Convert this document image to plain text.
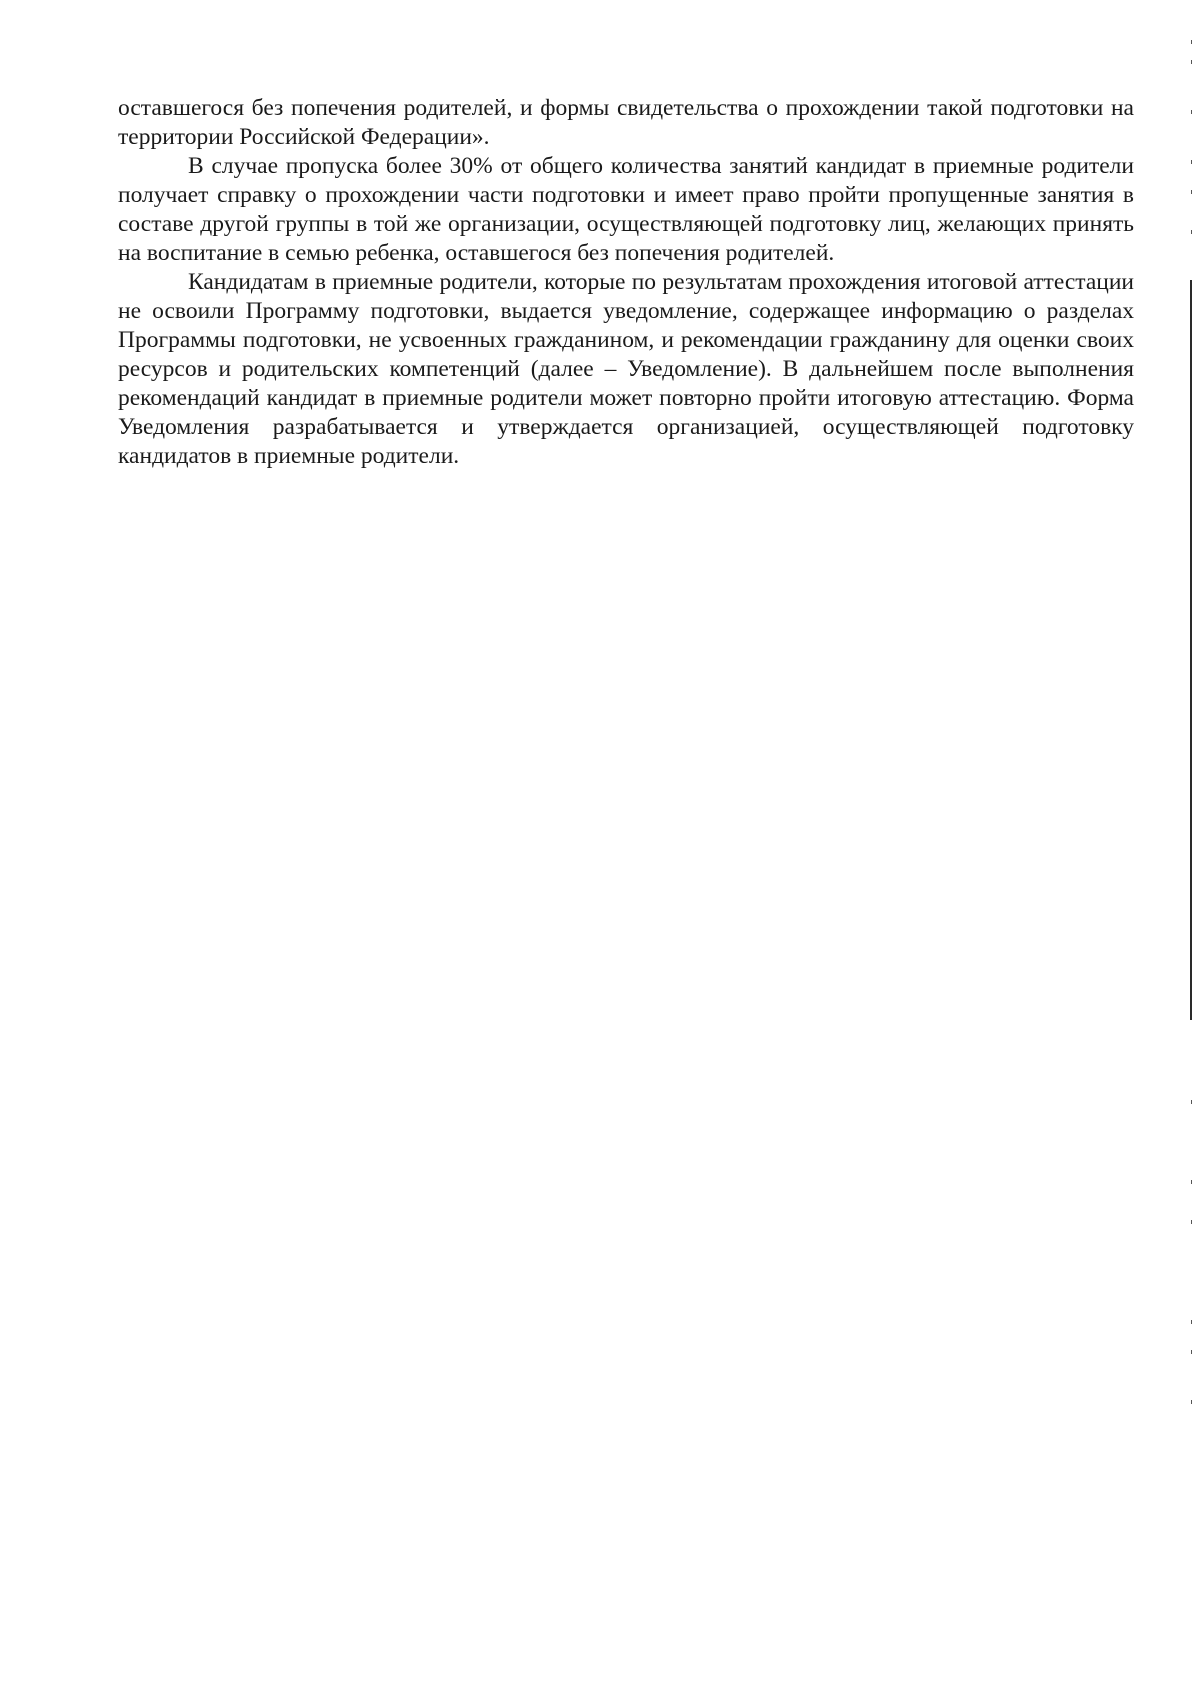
оставшегося без попечения родителей, и формы свидетельства о прохождении такой подготовки на территории Российской Федерации».

В случае пропуска более 30% от общего количества занятий кандидат в приемные родители получает справку о прохождении части подготовки и имеет право пройти пропущенные занятия в составе другой группы в той же организации, осуществляющей подготовку лиц, желающих принять на воспитание в семью ребенка, оставшегося без попечения родителей.

Кандидатам в приемные родители, которые по результатам прохождения итоговой аттестации не освоили Программу подготовки, выдается уведомление, содержащее информацию о разделах Программы подготовки, не усвоенных гражданином, и рекомендации гражданину для оценки своих ресурсов и родительских компетенций (далее – Уведомление). В дальнейшем после выполнения рекомендаций кандидат в приемные родители может повторно пройти итоговую аттестацию. Форма Уведомления разрабатывается и утверждается организацией, осуществляющей подготовку кандидатов в приемные родители.
